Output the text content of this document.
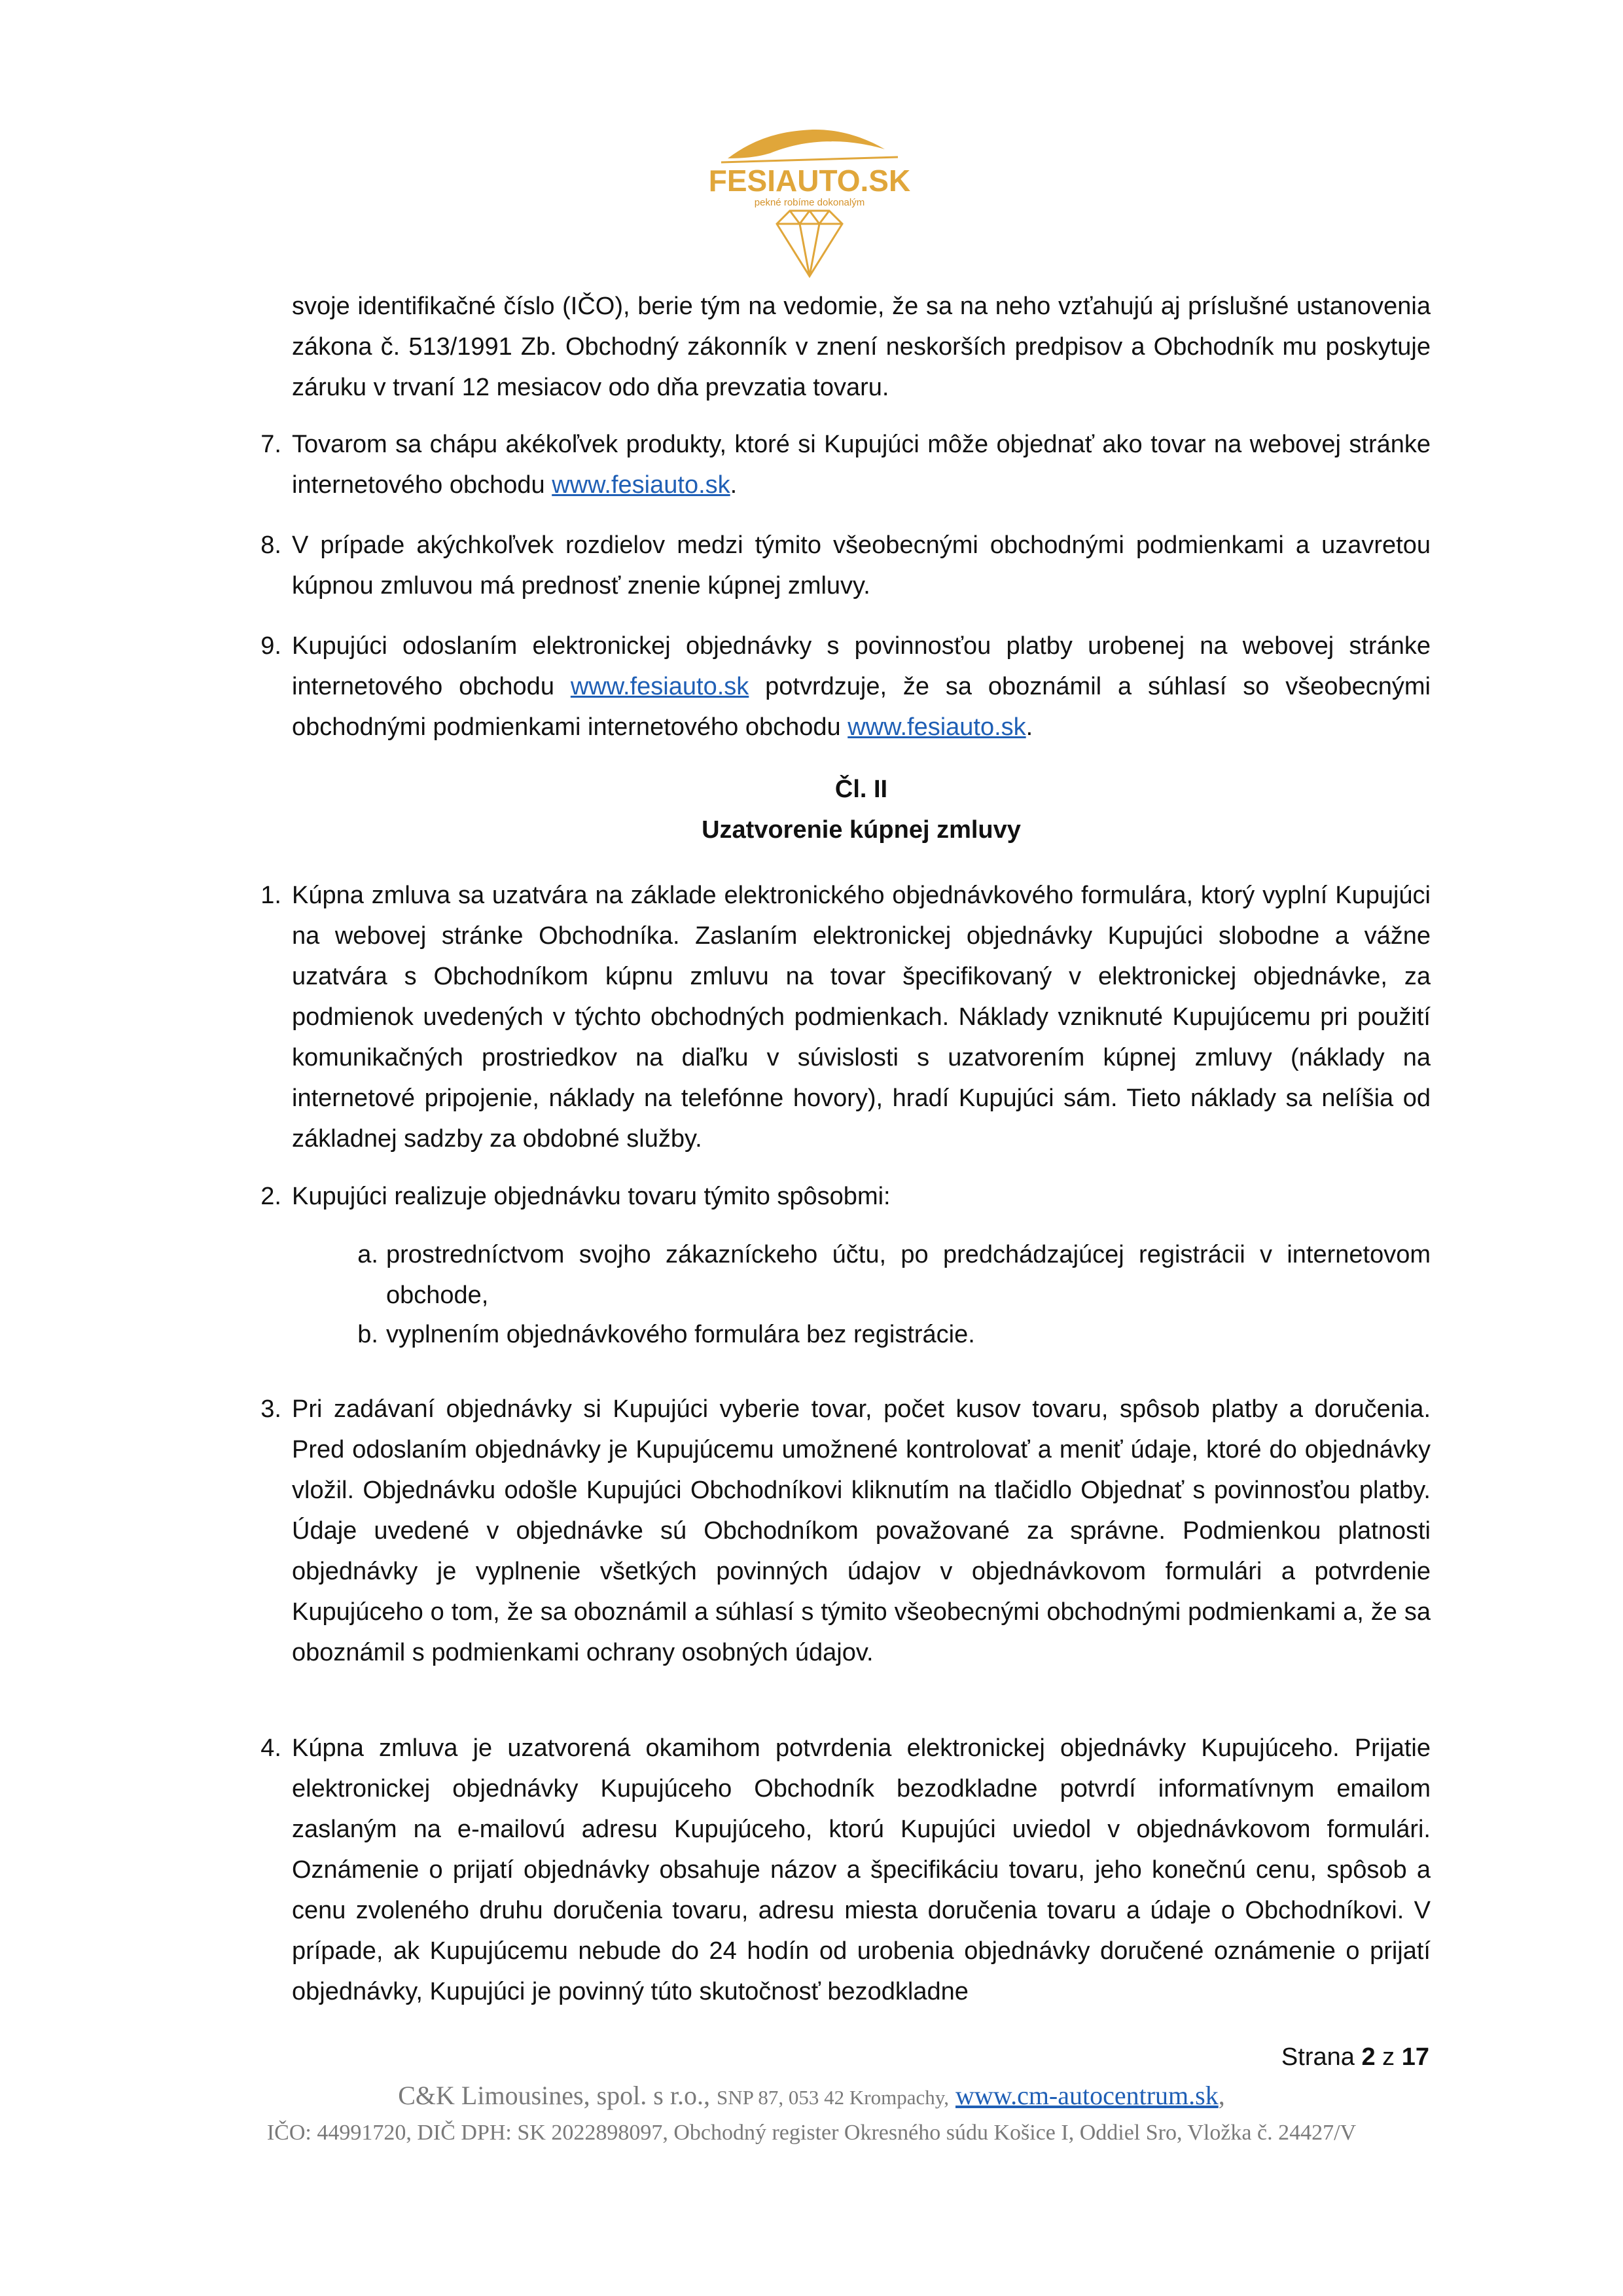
FESIAUTO.SK
pekné robíme dokonalým
svoje identifikačné číslo (IČO), berie tým na vedomie, že sa na neho vzťahujú aj príslušné ustanovenia zákona č. 513/1991 Zb. Obchodný zákonník v znení neskorších predpisov a Obchodník mu poskytuje záruku v trvaní 12 mesiacov odo dňa prevzatia tovaru.
7. Tovarom sa chápu akékoľvek produkty, ktoré si Kupujúci môže objednať ako tovar na webovej stránke internetového obchodu www.fesiauto.sk.

8. V prípade akýchkoľvek rozdielov medzi týmito všeobecnými obchodnými podmienkami a uzavretou kúpnou zmluvou má prednosť znenie kúpnej zmluvy.

9. Kupujúci odoslaním elektronickej objednávky s povinnosťou platby urobenej na webovej stránke internetového obchodu www.fesiauto.sk potvrdzuje, že sa oboznámil a súhlasí so všeobecnými obchodnými podmienkami internetového obchodu www.fesiauto.sk.

Čl. II
Uzatvorenie kúpnej zmluvy
1. Kúpna zmluva sa uzatvára na základe elektronického objednávkového formulára, ktorý vyplní Kupujúci na webovej stránke Obchodníka. Zaslaním elektronickej objednávky Kupujúci slobodne a vážne uzatvára s Obchodníkom kúpnu zmluvu na tovar špecifikovaný v elektronickej objednávke, za podmienok uvedených v týchto obchodných podmienkach. Náklady vzniknuté Kupujúcemu pri použití komunikačných prostriedkov na diaľku v súvislosti s uzatvorením kúpnej zmluvy (náklady na internetové pripojenie, náklady na telefónne hovory), hradí Kupujúci sám. Tieto náklady sa nelíšia od základnej sadzby za obdobné služby.

2. Kupujúci realizuje objednávku tovaru týmito spôsobmi:

a. prostredníctvom svojho zákazníckeho účtu, po predchádzajúcej registrácii v internetovom obchode,

b. vyplnením objednávkového formulára bez registrácie.

3. Pri zadávaní objednávky si Kupujúci vyberie tovar, počet kusov tovaru, spôsob platby a doručenia. Pred odoslaním objednávky je Kupujúcemu umožnené kontrolovať a meniť údaje, ktoré do objednávky vložil. Objednávku odošle Kupujúci Obchodníkovi kliknutím na tlačidlo Objednať s povinnosťou platby. Údaje uvedené v objednávke sú Obchodníkom považované za správne. Podmienkou platnosti objednávky je vyplnenie všetkých povinných údajov v objednávkovom formulári a potvrdenie Kupujúceho o tom, že sa oboznámil a súhlasí s týmito všeobecnými obchodnými podmienkami a, že sa oboznámil s podmienkami ochrany osobných údajov.

4. Kúpna zmluva je uzatvorená okamihom potvrdenia elektronickej objednávky Kupujúceho. Prijatie elektronickej objednávky Kupujúceho Obchodník bezodkladne potvrdí informatívnym emailom zaslaným na e-mailovú adresu Kupujúceho, ktorú Kupujúci uviedol v objednávkovom formulári. Oznámenie o prijatí objednávky obsahuje názov a špecifikáciu tovaru, jeho konečnú cenu, spôsob a cenu zvoleného druhu doručenia tovaru, adresu miesta doručenia tovaru a údaje o Obchodníkovi. V prípade, ak Kupujúcemu nebude do 24 hodín od urobenia objednávky doručené oznámenie o prijatí objednávky, Kupujúci je povinný túto skutočnosť bezodkladne

Strana 2 z 17
C&K Limousines, spol. s r.o., SNP 87, 053 42 Krompachy, www.cm-autocentrum.sk,
IČO: 44991720, DIČ DPH: SK 2022898097, Obchodný register Okresného súdu Košice I, Oddiel Sro, Vložka č. 24427/V
